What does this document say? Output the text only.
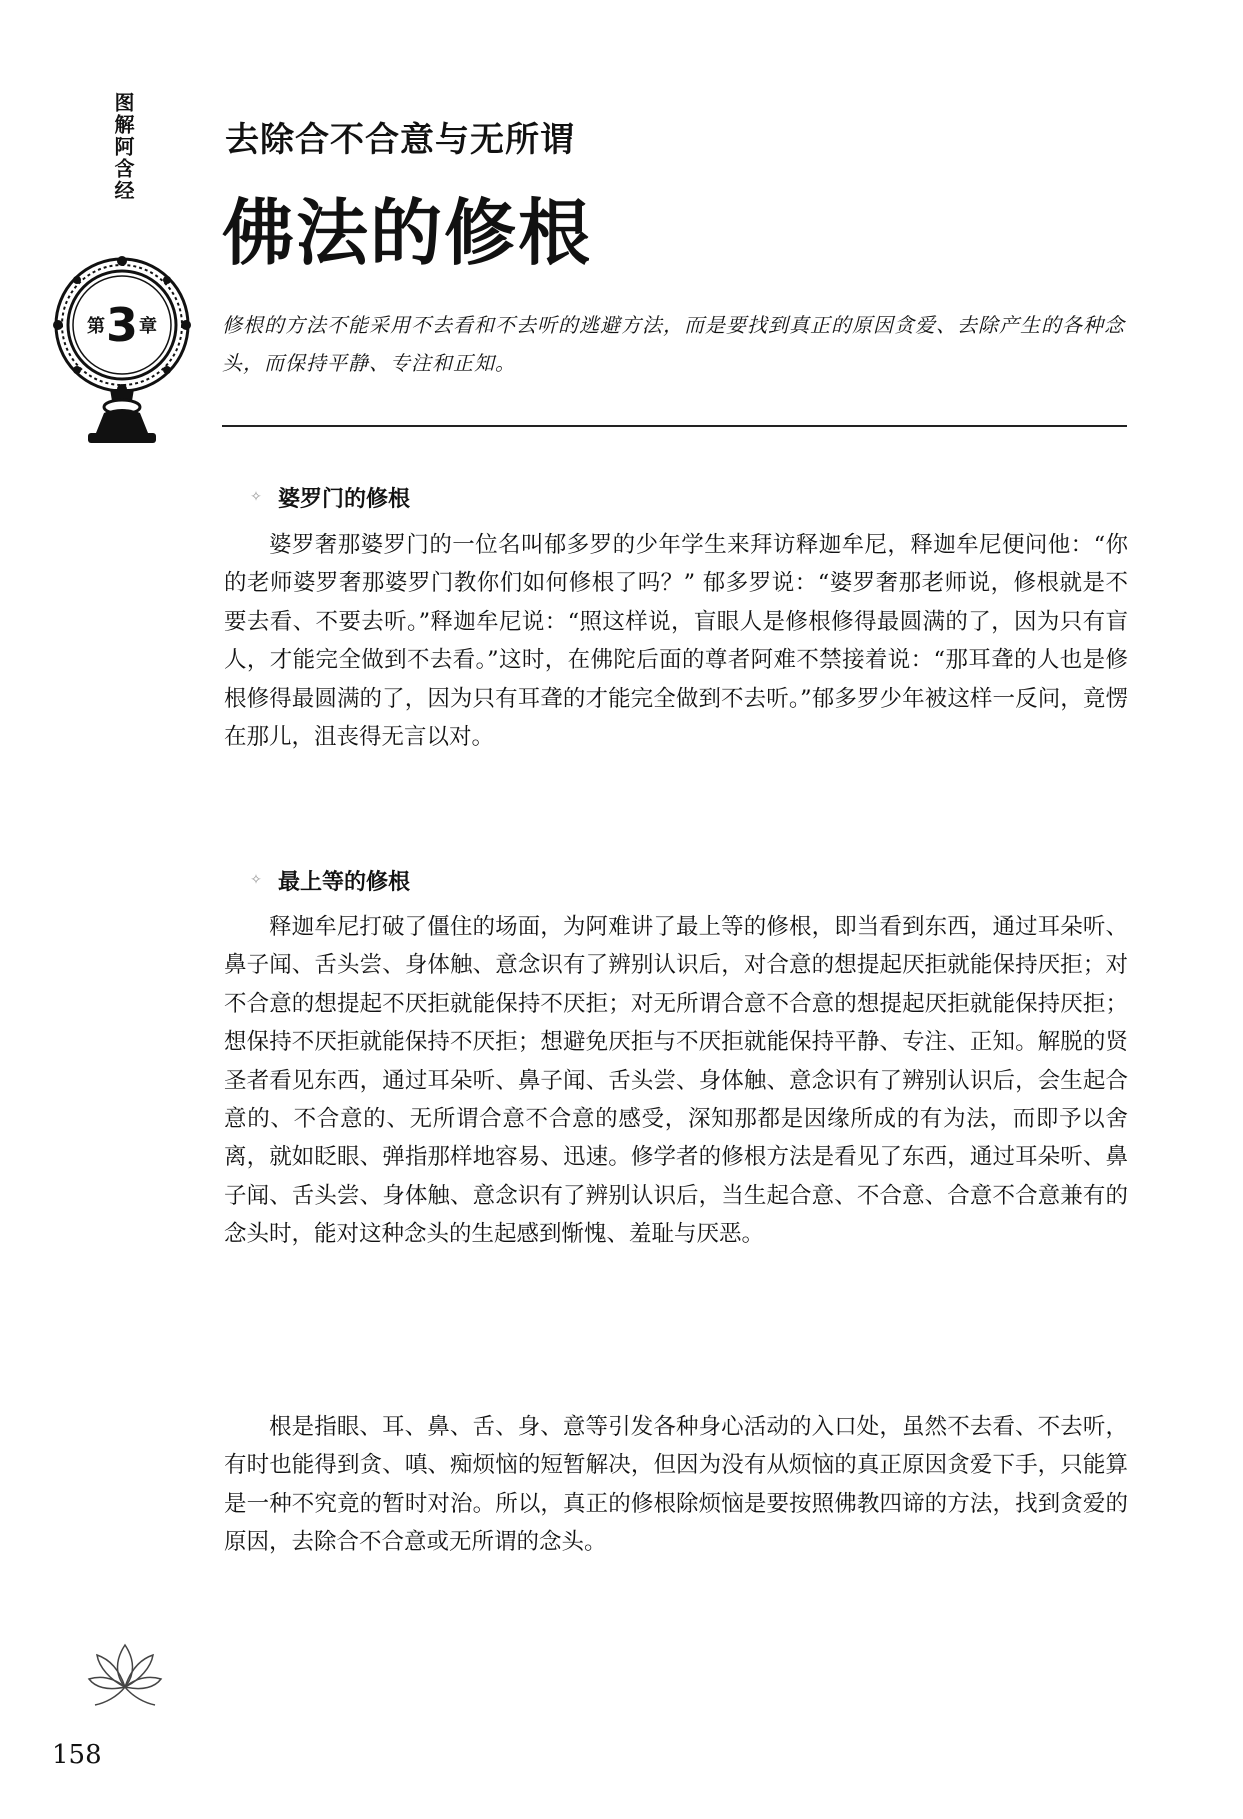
图解阿含经
第 3 章
去除合不合意与无所谓
佛法的修根
修根的方法不能采用不去看和不去听的逃避方法，而是要找到真正的原因贪爱、去除产生的各种念头，而保持平静、专注和正知。
✧ 婆罗门的修根
婆罗奢那婆罗门的一位名叫郁多罗的少年学生来拜访释迦牟尼，释迦牟尼便问他：“你的老师婆罗奢那婆罗门教你们如何修根了吗？” 郁多罗说：“婆罗奢那老师说，修根就是不要去看、不要去听。”释迦牟尼说：“照这样说，盲眼人是修根修得最圆满的了，因为只有盲人，才能完全做到不去看。”这时，在佛陀后面的尊者阿难不禁接着说：“那耳聋的人也是修根修得最圆满的了，因为只有耳聋的才能完全做到不去听。”郁多罗少年被这样一反问，竟愣在那儿，沮丧得无言以对。
✧ 最上等的修根
释迦牟尼打破了僵住的场面，为阿难讲了最上等的修根，即当看到东西，通过耳朵听、鼻子闻、舌头尝、身体触、意念识有了辨别认识后，对合意的想提起厌拒就能保持厌拒；对不合意的想提起不厌拒就能保持不厌拒；对无所谓合意不合意的想提起厌拒就能保持厌拒；想保持不厌拒就能保持不厌拒；想避免厌拒与不厌拒就能保持平静、专注、正知。解脱的贤圣者看见东西，通过耳朵听、鼻子闻、舌头尝、身体触、意念识有了辨别认识后，会生起合意的、不合意的、无所谓合意不合意的感受，深知那都是因缘所成的有为法，而即予以舍离，就如眨眼、弹指那样地容易、迅速。修学者的修根方法是看见了东西，通过耳朵听、鼻子闻、舌头尝、身体触、意念识有了辨别认识后，当生起合意、不合意、合意不合意兼有的念头时，能对这种念头的生起感到惭愧、羞耻与厌恶。
根是指眼、耳、鼻、舌、身、意等引发各种身心活动的入口处，虽然不去看、不去听，有时也能得到贪、嗔、痴烦恼的短暂解决，但因为没有从烦恼的真正原因贪爱下手，只能算是一种不究竟的暂时对治。所以，真正的修根除烦恼是要按照佛教四谛的方法，找到贪爱的原因，去除合不合意或无所谓的念头。
158
